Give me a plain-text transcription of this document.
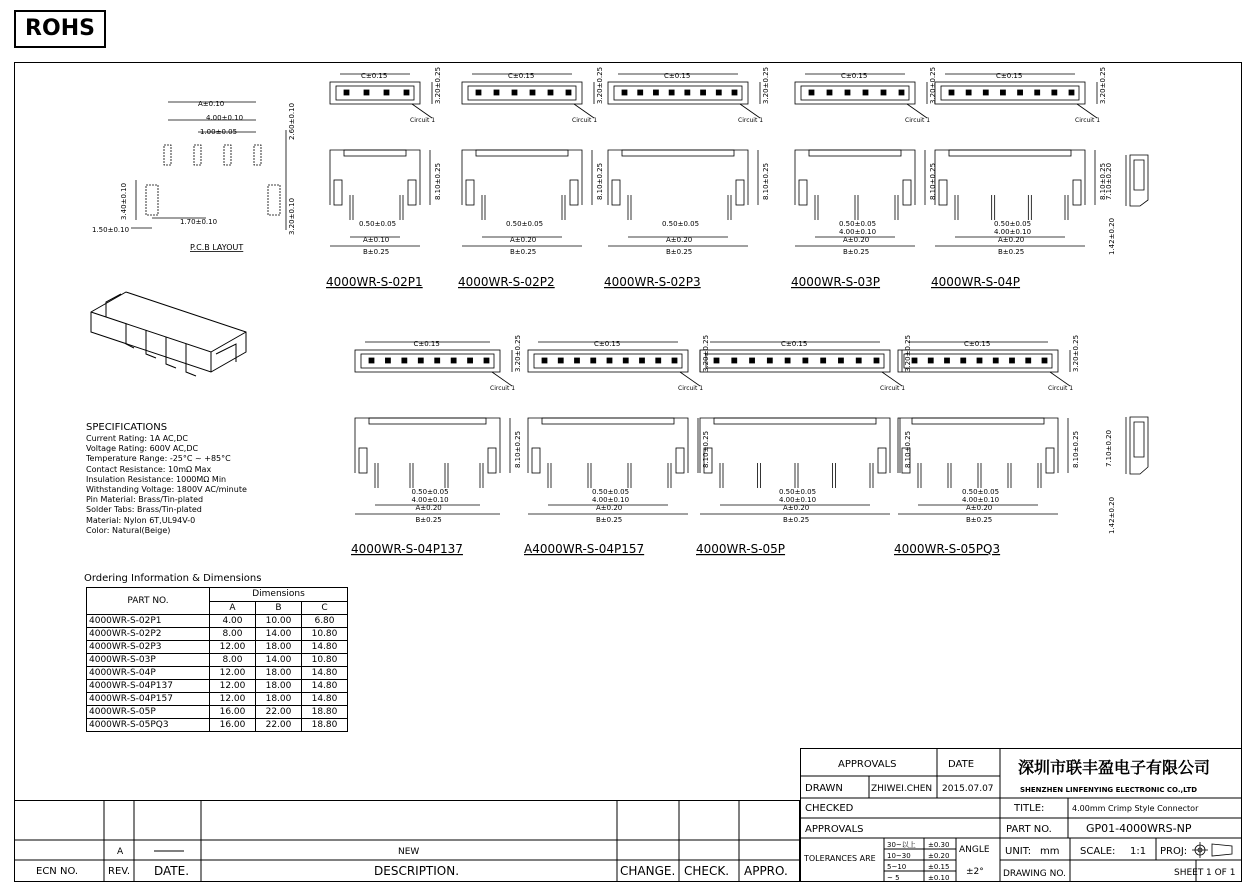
ROHS
A±0.10
4.00±0.10
1.00±0.05
1.70±0.10
1.50±0.10
2.60±0.10
3.40±0.10	3.20±0.10
P.C.B LAYOUT
7.10±0.20
1.42±0.20
7.10±0.20
1.42±0.20
C±0.15	3.20±0.25
Circuit 1
8.10±0.25
0.50±0.05
A±0.10
B±0.25
4000WR-S-02P1
C±0.15	3.20±0.25
Circuit 1
8.10±0.25
0.50±0.05
A±0.20
B±0.25
4000WR-S-02P2
C±0.15	3.20±0.25
Circuit 1
8.10±0.25
0.50±0.05
A±0.20
B±0.25
4000WR-S-02P3
C±0.15	3.20±0.25
Circuit 1
8.10±0.25
0.50±0.05
4.00±0.10
A±0.20
B±0.25
4000WR-S-03P
C±0.15	3.20±0.25
Circuit 1
8.10±0.25
0.50±0.05
4.00±0.10
A±0.20
B±0.25
4000WR-S-04P
C±0.15	3.20±0.25
Circuit 1
8.10±0.25
0.50±0.05
4.00±0.10
A±0.20
B±0.25
4000WR-S-04P137
C±0.15	3.20±0.25
Circuit 1
8.10±0.25
0.50±0.05
4.00±0.10
A±0.20
B±0.25
A4000WR-S-04P157
C±0.15	3.20±0.25
Circuit 1
8.10±0.25
0.50±0.05
4.00±0.10
A±0.20
B±0.25
4000WR-S-05P
C±0.15	3.20±0.25
Circuit 1
8.10±0.25
0.50±0.05
4.00±0.10
A±0.20
B±0.25
4000WR-S-05PQ3
SPECIFICATIONS
Current Rating: 1A AC,DC
Voltage Rating: 600V AC,DC
Temperature Range: -25°C ~ +85°C
Contact Resistance: 10mΩ Max
Insulation Resistance: 1000MΩ Min
Withstanding Voltage: 1800V AC/minute
Pin Material: Brass/Tin-plated
Solder Tabs: Brass/Tin-plated
Material: Nylon 6T,UL94V-0
Color: Natural(Beige)
Ordering Information & Dimensions
PART NO.	Dimensions		
	A	B	C
4000WR-S-02P1	4.00	10.00	6.80
4000WR-S-02P2	8.00	14.00	10.80
4000WR-S-02P3	12.00	18.00	14.80
4000WR-S-03P	8.00	14.00	10.80
4000WR-S-04P	12.00	18.00	14.80
4000WR-S-04P137	12.00	18.00	14.80
4000WR-S-04P157	12.00	18.00	14.80
4000WR-S-05P	16.00	22.00	18.80
4000WR-S-05PQ3	16.00	22.00	18.80
A	NEW
ECN NO.	REV. DATE.	DESCRIPTION.	CHANGE. CHECK. APPRO.
APPROVALS	DATE
DRAWN	ZHIWEI.CHEN 2015.07.07
CHECKED
APPROVALS
TOLERANCES ARE
30~以上 ±0.30
10~30 ±0.20
5~10	±0.15
~ 5	±0.10
ANGLE
±2°
深圳市联丰盈电子有限公司
SHENZHEN LINFENYING ELECTRONIC CO.,LTD
TITLE:	4.00mm Crimp Style Connector
PART NO.	GP01-4000WRS-NP
UNIT: mm SCALE: 1:1 PROJ:
DRAWING NO.	SHEET 1 OF 1
